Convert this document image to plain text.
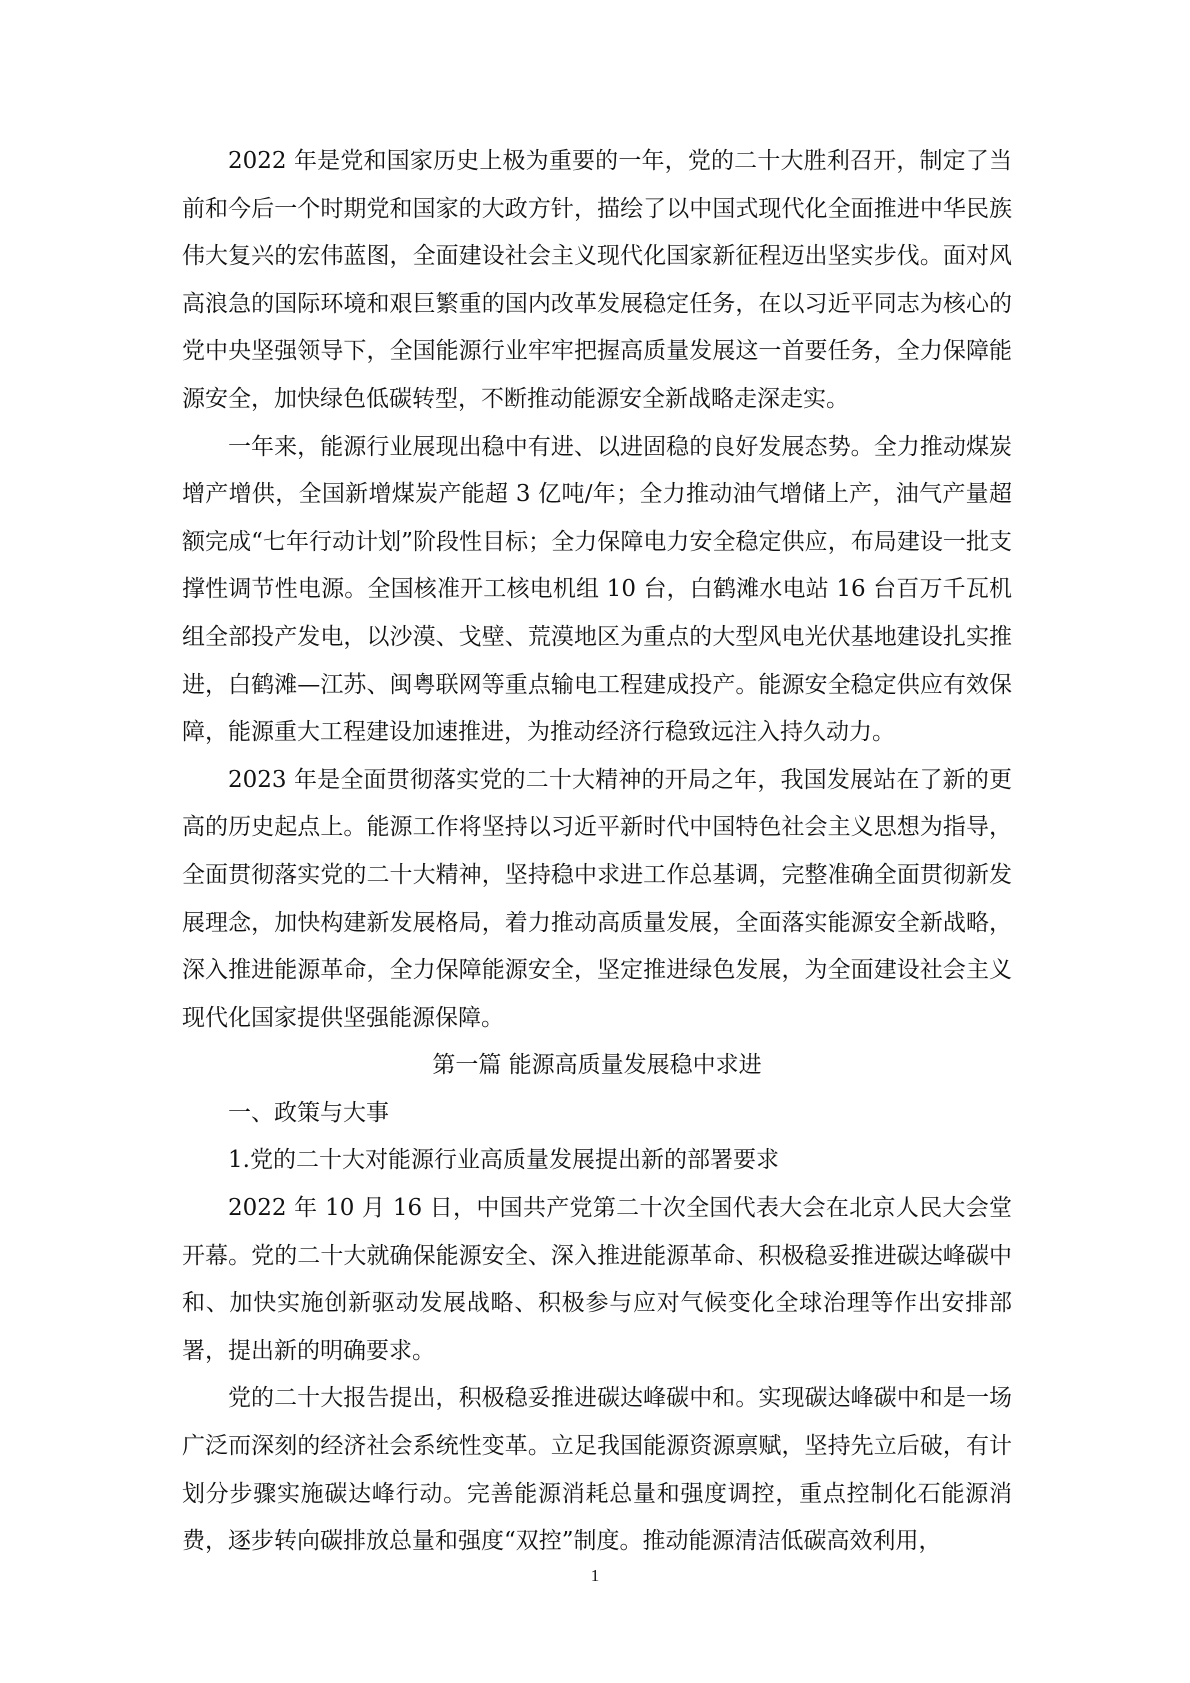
2022 年是党和国家历史上极为重要的一年，党的二十大胜利召开，制定了当前和今后一个时期党和国家的大政方针，描绘了以中国式现代化全面推进中华民族伟大复兴的宏伟蓝图，全面建设社会主义现代化国家新征程迈出坚实步伐。面对风高浪急的国际环境和艰巨繁重的国内改革发展稳定任务，在以习近平同志为核心的党中央坚强领导下，全国能源行业牢牢把握高质量发展这一首要任务，全力保障能源安全，加快绿色低碳转型，不断推动能源安全新战略走深走实。

一年来，能源行业展现出稳中有进、以进固稳的良好发展态势。全力推动煤炭增产增供，全国新增煤炭产能超 3 亿吨/年；全力推动油气增储上产，油气产量超额完成“七年行动计划”阶段性目标；全力保障电力安全稳定供应，布局建设一批支撑性调节性电源。全国核准开工核电机组 10 台，白鹤滩水电站 16 台百万千瓦机组全部投产发电，以沙漠、戈壁、荒漠地区为重点的大型风电光伏基地建设扎实推进，白鹤滩—江苏、闽粤联网等重点输电工程建成投产。能源安全稳定供应有效保障，能源重大工程建设加速推进，为推动经济行稳致远注入持久动力。

2023 年是全面贯彻落实党的二十大精神的开局之年，我国发展站在了新的更高的历史起点上。能源工作将坚持以习近平新时代中国特色社会主义思想为指导，全面贯彻落实党的二十大精神，坚持稳中求进工作总基调，完整准确全面贯彻新发展理念，加快构建新发展格局，着力推动高质量发展，全面落实能源安全新战略，深入推进能源革命，全力保障能源安全，坚定推进绿色发展，为全面建设社会主义现代化国家提供坚强能源保障。

第一篇 能源高质量发展稳中求进

一、政策与大事

1.党的二十大对能源行业高质量发展提出新的部署要求

2022 年 10 月 16 日，中国共产党第二十次全国代表大会在北京人民大会堂开幕。党的二十大就确保能源安全、深入推进能源革命、积极稳妥推进碳达峰碳中和、加快实施创新驱动发展战略、积极参与应对气候变化全球治理等作出安排部署，提出新的明确要求。

党的二十大报告提出，积极稳妥推进碳达峰碳中和。实现碳达峰碳中和是一场广泛而深刻的经济社会系统性变革。立足我国能源资源禀赋，坚持先立后破，有计划分步骤实施碳达峰行动。完善能源消耗总量和强度调控，重点控制化石能源消费，逐步转向碳排放总量和强度“双控”制度。推动能源清洁低碳高效利用，

1
